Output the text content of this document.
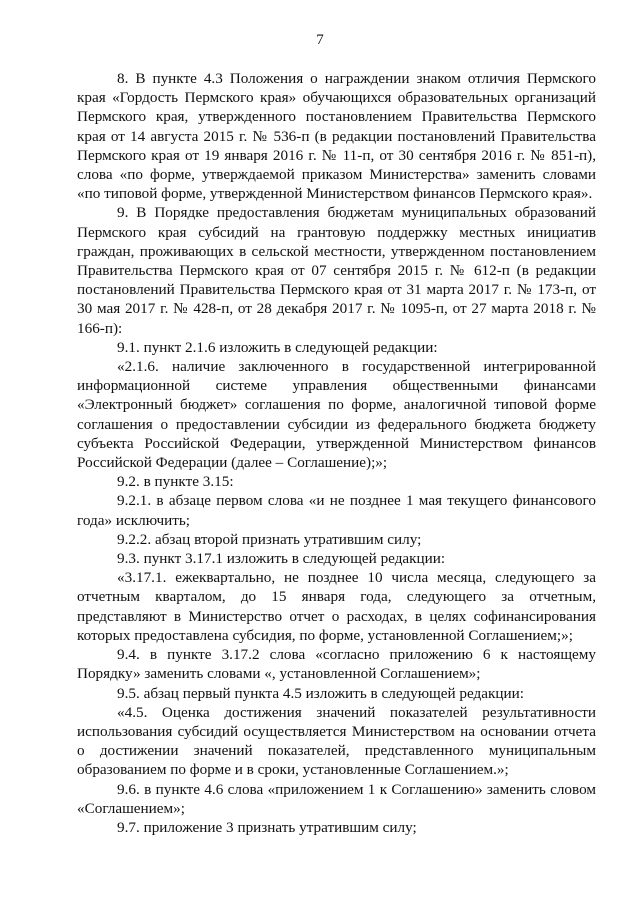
7

8. В пункте 4.3 Положения о награждении знаком отличия Пермского края «Гордость Пермского края» обучающихся образовательных организаций Пермского края, утвержденного постановлением Правительства Пермского края от 14 августа 2015 г. № 536-п (в редакции постановлений Правительства Пермского края от 19 января 2016 г. № 11-п, от 30 сентября 2016 г. № 851-п), слова «по форме, утверждаемой приказом Министерства» заменить словами «по типовой форме, утвержденной Министерством финансов Пермского края».

9. В Порядке предоставления бюджетам муниципальных образований Пермского края субсидий на грантовую поддержку местных инициатив граждан, проживающих в сельской местности, утвержденном постановлением Правительства Пермского края от 07 сентября 2015 г. № 612-п (в редакции постановлений Правительства Пермского края от 31 марта 2017 г. № 173-п, от 30 мая 2017 г. № 428-п, от 28 декабря 2017 г. № 1095-п, от 27 марта 2018 г. № 166-п):

9.1. пункт 2.1.6 изложить в следующей редакции:

«2.1.6. наличие заключенного в государственной интегрированной информационной системе управления общественными финансами «Электронный бюджет» соглашения по форме, аналогичной типовой форме соглашения о предоставлении субсидии из федерального бюджета бюджету субъекта Российской Федерации, утвержденной Министерством финансов Российской Федерации (далее – Соглашение);»;

9.2. в пункте 3.15:

9.2.1. в абзаце первом слова «и не позднее 1 мая текущего финансового года» исключить;

9.2.2. абзац второй признать утратившим силу;

9.3. пункт 3.17.1 изложить в следующей редакции:

«3.17.1. ежеквартально, не позднее 10 числа месяца, следующего за отчетным кварталом, до 15 января года, следующего за отчетным, представляют в Министерство отчет о расходах, в целях софинансирования которых предоставлена субсидия, по форме, установленной Соглашением;»;

9.4. в пункте 3.17.2 слова «согласно приложению 6 к настоящему Порядку» заменить словами «, установленной Соглашением»;

9.5. абзац первый пункта 4.5 изложить в следующей редакции:

«4.5. Оценка достижения значений показателей результативности использования субсидий осуществляется Министерством на основании отчета о достижении значений показателей, представленного муниципальным образованием по форме и в сроки, установленные Соглашением.»;

9.6. в пункте 4.6 слова «приложением 1 к Соглашению» заменить словом «Соглашением»;

9.7. приложение 3 признать утратившим силу;
